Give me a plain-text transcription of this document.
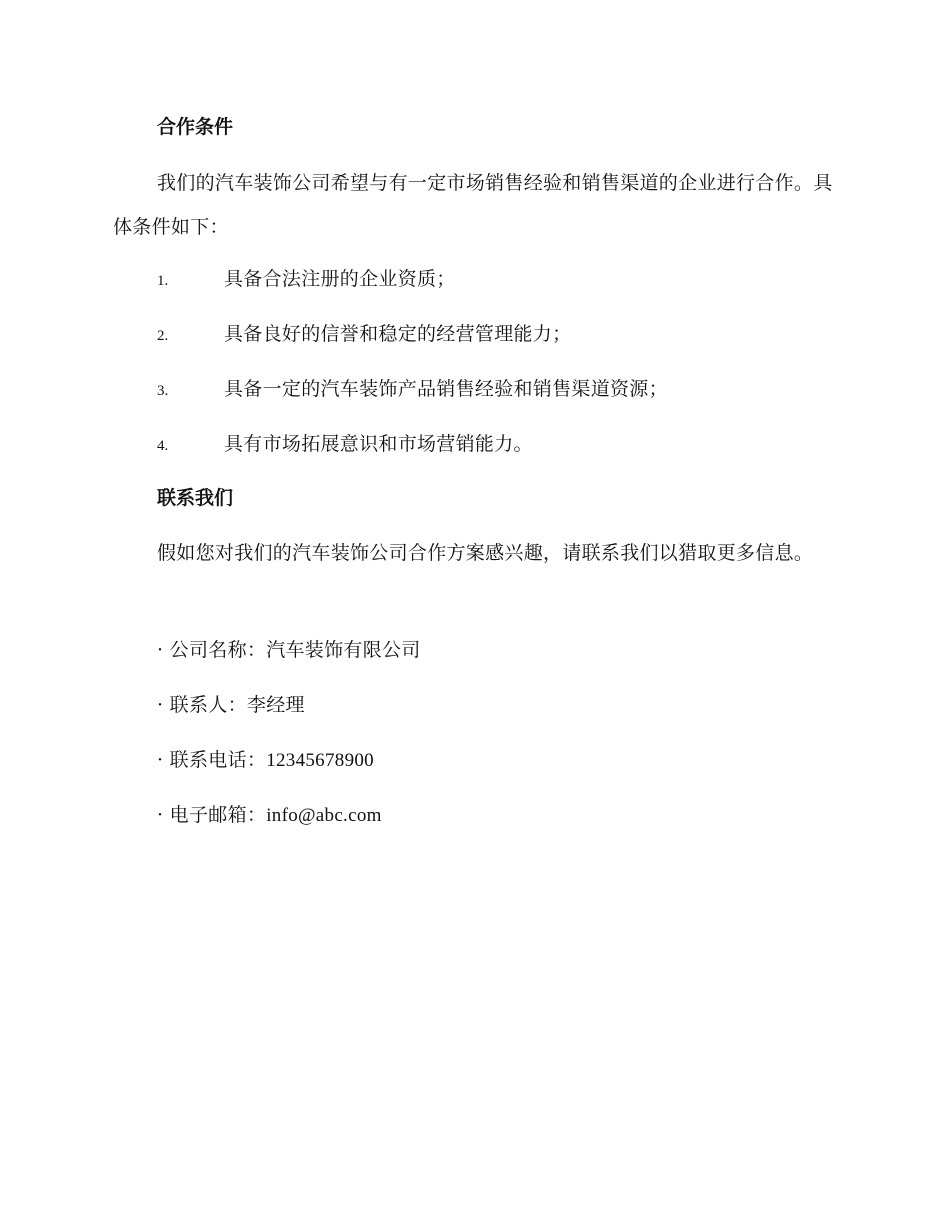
合作条件

我们的汽车装饰公司希望与有一定市场销售经验和销售渠道的企业进行合作。具体条件如下：

1.	具备合法注册的企业资质；
2.	具备良好的信誉和稳定的经营管理能力；
3.	具备一定的汽车装饰产品销售经验和销售渠道资源；
4.	具有市场拓展意识和市场营销能力。
联系我们

假如您对我们的汽车装饰公司合作方案感兴趣，请联系我们以猎取更多信息。

· 公司名称：汽车装饰有限公司
· 联系人：李经理
· 联系电话：12345678900
· 电子邮箱：info@abc.com
